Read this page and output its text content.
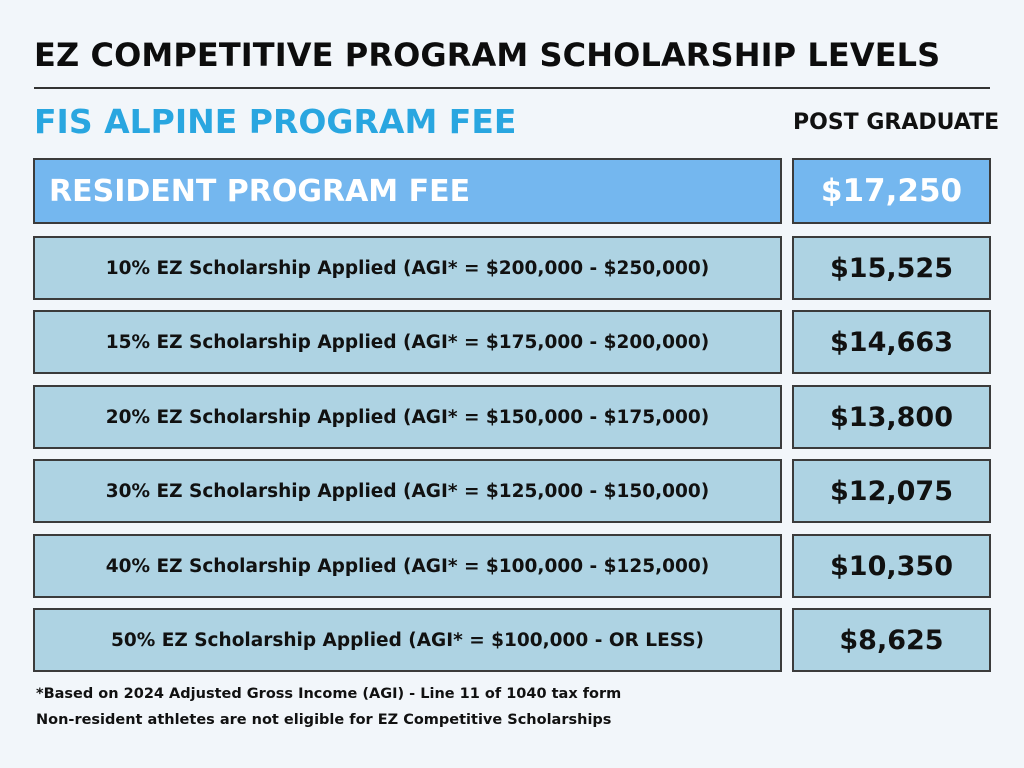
EZ COMPETITIVE PROGRAM SCHOLARSHIP LEVELS
FIS ALPINE PROGRAM FEE	POST GRADUATE
RESIDENT PROGRAM FEE	$17,250
10% EZ Scholarship Applied (AGI* = $200,000 - $250,000)	$15,525
15% EZ Scholarship Applied (AGI* = $175,000 - $200,000)	$14,663
20% EZ Scholarship Applied (AGI* = $150,000 - $175,000)	$13,800
30% EZ Scholarship Applied (AGI* = $125,000 - $150,000)	$12,075
40% EZ Scholarship Applied (AGI* = $100,000 - $125,000)	$10,350
50% EZ Scholarship Applied (AGI* = $100,000 - OR LESS)	$8,625
*Based on 2024 Adjusted Gross Income (AGI) - Line 11 of 1040 tax form
Non-resident athletes are not eligible for EZ Competitive Scholarships
